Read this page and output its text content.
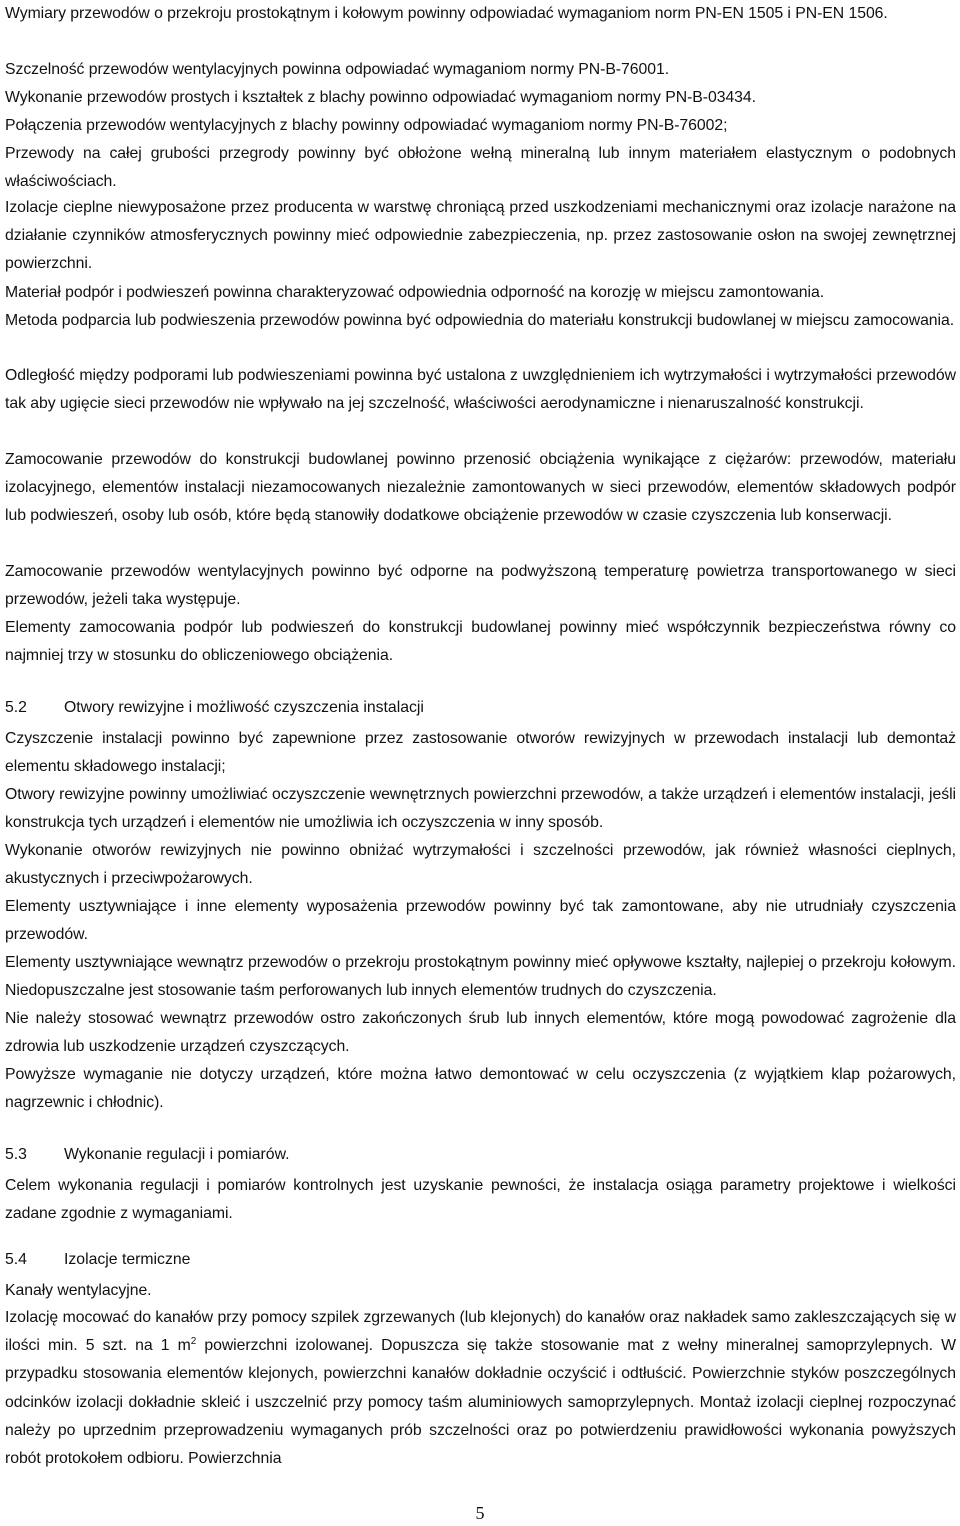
Wymiary przewodów o przekroju prostokątnym i kołowym powinny odpowiadać wymaganiom norm PN-EN 1505 i PN-EN 1506.

Szczelność przewodów wentylacyjnych powinna odpowiadać wymaganiom normy PN-B-76001.

Wykonanie przewodów prostych i kształtek z blachy powinno odpowiadać wymaganiom normy PN-B-03434.

Połączenia przewodów wentylacyjnych z blachy powinny odpowiadać wymaganiom normy PN-B-76002;

Przewody na całej grubości przegrody powinny być obłożone wełną mineralną lub innym materiałem elastycznym o podobnych właściwościach.

Izolacje cieplne niewyposażone przez producenta w warstwę chroniącą przed uszkodzeniami mechanicznymi oraz izolacje narażone na działanie czynników atmosferycznych powinny mieć odpowiednie zabezpieczenia, np. przez zastosowanie osłon na swojej zewnętrznej powierzchni.

Materiał podpór i podwieszeń powinna charakteryzować odpowiednia odporność na korozję w miejscu zamontowania.

Metoda podparcia lub podwieszenia przewodów powinna być odpowiednia do materiału konstrukcji budowlanej w miejscu zamocowania.

Odległość między podporami lub podwieszeniami powinna być ustalona z uwzględnieniem ich wytrzymałości i wytrzymałości przewodów tak aby ugięcie sieci przewodów nie wpływało na jej szczelność, właściwości aerodynamiczne i nienaruszalność konstrukcji.

Zamocowanie przewodów do konstrukcji budowlanej powinno przenosić obciążenia wynikające z ciężarów: przewodów, materiału izolacyjnego, elementów instalacji niezamocowanych niezależnie zamontowanych w sieci przewodów, elementów składowych podpór lub podwieszeń, osoby lub osób, które będą stanowiły dodatkowe obciążenie przewodów w czasie czyszczenia lub konserwacji.

Zamocowanie przewodów wentylacyjnych powinno być odporne na podwyższoną temperaturę powietrza transportowanego w sieci przewodów, jeżeli taka występuje.

Elementy zamocowania podpór lub podwieszeń do konstrukcji budowlanej powinny mieć współczynnik bezpieczeństwa równy co najmniej trzy w stosunku do obliczeniowego obciążenia.

5.2 Otwory rewizyjne i możliwość czyszczenia instalacji

Czyszczenie instalacji powinno być zapewnione przez zastosowanie otworów rewizyjnych w przewodach instalacji lub demontaż elementu składowego instalacji;

Otwory rewizyjne powinny umożliwiać oczyszczenie wewnętrznych powierzchni przewodów, a także urządzeń i elementów instalacji, jeśli konstrukcja tych urządzeń i elementów nie umożliwia ich oczyszczenia w inny sposób.

Wykonanie otworów rewizyjnych nie powinno obniżać wytrzymałości i szczelności przewodów, jak również własności cieplnych, akustycznych i przeciwpożarowych.

Elementy usztywniające i inne elementy wyposażenia przewodów powinny być tak zamontowane, aby nie utrudniały czyszczenia przewodów.

Elementy usztywniające wewnątrz przewodów o przekroju prostokątnym powinny mieć opływowe kształty, najlepiej o przekroju kołowym. Niedopuszczalne jest stosowanie taśm perforowanych lub innych elementów trudnych do czyszczenia.

Nie należy stosować wewnątrz przewodów ostro zakończonych śrub lub innych elementów, które mogą powodować zagrożenie dla zdrowia lub uszkodzenie urządzeń czyszczących.

Powyższe wymaganie nie dotyczy urządzeń, które można łatwo demontować w celu oczyszczenia (z wyjątkiem klap pożarowych, nagrzewnic i chłodnic).

5.3 Wykonanie regulacji i pomiarów.

Celem wykonania regulacji i pomiarów kontrolnych jest uzyskanie pewności, że instalacja osiąga parametry projektowe i wielkości zadane zgodnie z wymaganiami.

5.4 Izolacje termiczne

Kanały wentylacyjne.

Izolację mocować do kanałów przy pomocy szpilek zgrzewanych (lub klejonych) do kanałów oraz nakładek samo zakleszczających się w ilości min. 5 szt. na 1 $m^2$ powierzchni izolowanej. Dopuszcza się także stosowanie mat z wełny mineralnej samoprzylepnych. W przypadku stosowania elementów klejonych, powierzchni kanałów dokładnie oczyścić i odtłuścić. Powierzchnie styków poszczególnych odcinków izolacji dokładnie skleić i uszczelnić przy pomocy taśm aluminiowych samoprzylepnych. Montaż izolacji cieplnej rozpoczynać należy po uprzednim przeprowadzeniu wymaganych prób szczelności oraz po potwierdzeniu prawidłowości wykonania powyższych robót protokołem odbioru. Powierzchnia

5
